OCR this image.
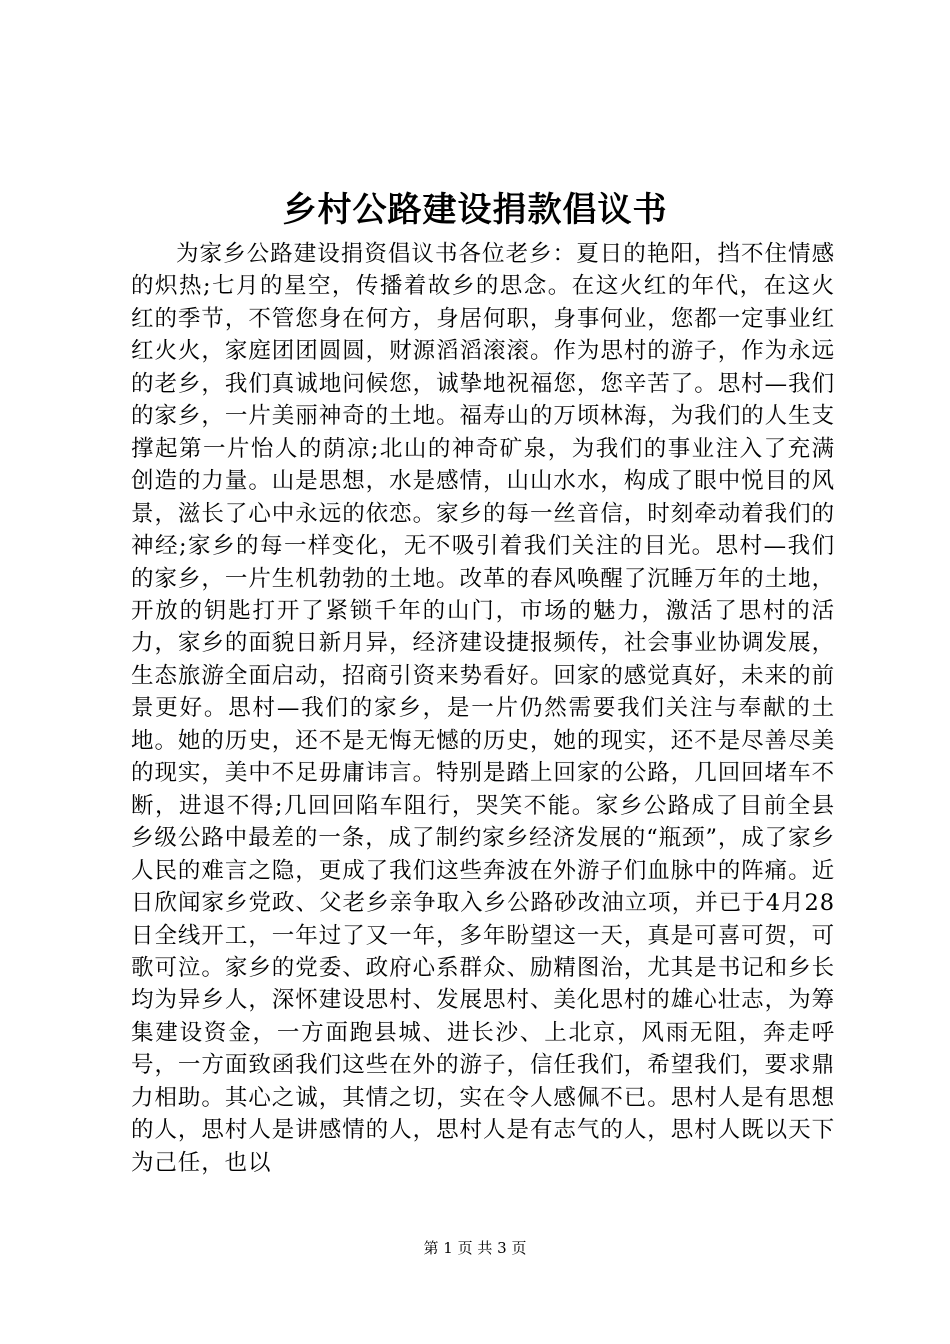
乡村公路建设捐款倡议书

为家乡公路建设捐资倡议书各位老乡：夏日的艳阳，挡不住情感的炽热;七月的星空，传播着故乡的思念。在这火红的年代，在这火红的季节，不管您身在何方，身居何职，身事何业，您都一定事业红红火火，家庭团团圆圆，财源滔滔滚滚。作为思村的游子，作为永远的老乡，我们真诚地问候您，诚挚地祝福您，您辛苦了。思村—我们的家乡，一片美丽神奇的土地。福寿山的万顷林海，为我们的人生支撑起第一片怡人的荫凉;北山的神奇矿泉，为我们的事业注入了充满创造的力量。山是思想，水是感情，山山水水，构成了眼中悦目的风景，滋长了心中永远的依恋。家乡的每一丝音信，时刻牵动着我们的神经;家乡的每一样变化，无不吸引着我们关注的目光。思村—我们的家乡，一片生机勃勃的土地。改革的春风唤醒了沉睡万年的土地，开放的钥匙打开了紧锁千年的山门，市场的魅力，激活了思村的活力，家乡的面貌日新月异，经济建设捷报频传，社会事业协调发展，生态旅游全面启动，招商引资来势看好。回家的感觉真好，未来的前景更好。思村—我们的家乡，是一片仍然需要我们关注与奉献的土地。她的历史，还不是无悔无憾的历史，她的现实，还不是尽善尽美的现实，美中不足毋庸讳言。特别是踏上回家的公路，几回回堵车不断，进退不得;几回回陷车阻行，哭笑不能。家乡公路成了目前全县乡级公路中最差的一条，成了制约家乡经济发展的“瓶颈”，成了家乡人民的难言之隐，更成了我们这些奔波在外游子们血脉中的阵痛。近日欣闻家乡党政、父老乡亲争取入乡公路砂改油立项，并已于4月28日全线开工，一年过了又一年，多年盼望这一天，真是可喜可贺，可歌可泣。家乡的党委、政府心系群众、励精图治，尤其是书记和乡长均为异乡人，深怀建设思村、发展思村、美化思村的雄心壮志，为筹集建设资金，一方面跑县城、进长沙、上北京，风雨无阻，奔走呼号，一方面致函我们这些在外的游子，信任我们，希望我们，要求鼎力相助。其心之诚，其情之切，实在令人感佩不已。思村人是有思想的人，思村人是讲感情的人，思村人是有志气的人，思村人既以天下为己任，也以

第 1 页 共 3 页
